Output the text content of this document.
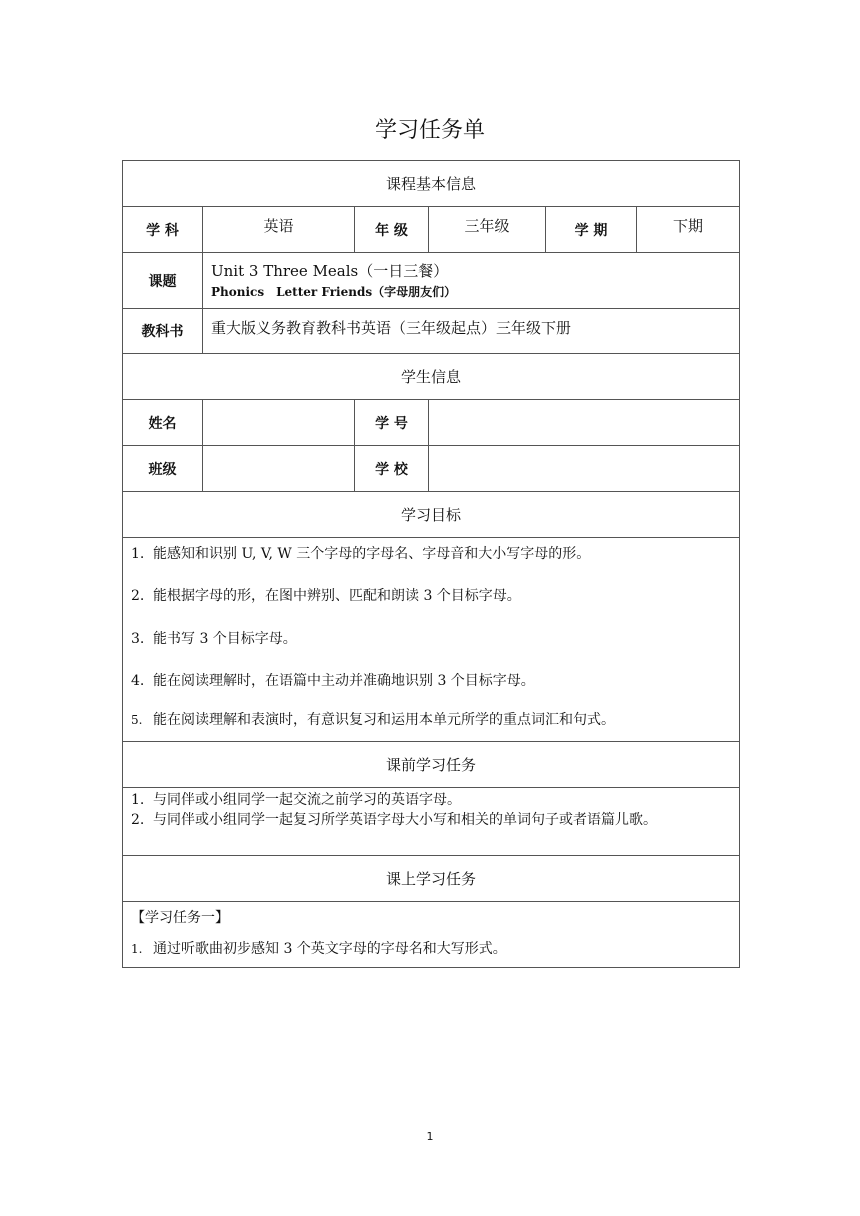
学习任务单
课程基本信息					
学 科	英语	年 级	三年级	学 期	下期
课题	Unit 3 Three Meals（一日三餐）
Phonics　Letter Friends（字母朋友们）				

教科书	重大版义务教育教科书英语（三年级起点）三年级下册				
学生信息					
姓名		学 号			
班级		学 校			
学习目标					

1. 能感知和识别 U, V, W 三个字母的字母名、字母音和大小写字母的形。
2. 能根据字母的形，在图中辨别、匹配和朗读 3 个目标字母。
3. 能书写 3 个目标字母。
4. 能在阅读理解时，在语篇中主动并准确地识别 3 个目标字母。
5. 能在阅读理解和表演时，有意识复习和运用本单元所学的重点词汇和句式。					

课前学习任务					

1. 与同伴或小组同学一起交流之前学习的英语字母。
2. 与同伴或小组同学一起复习所学英语字母大小写和相关的单词句子或者语篇儿歌。					

课上学习任务					

【学习任务一】
1. 通过听歌曲初步感知 3 个英文字母的字母名和大写形式。					
1
